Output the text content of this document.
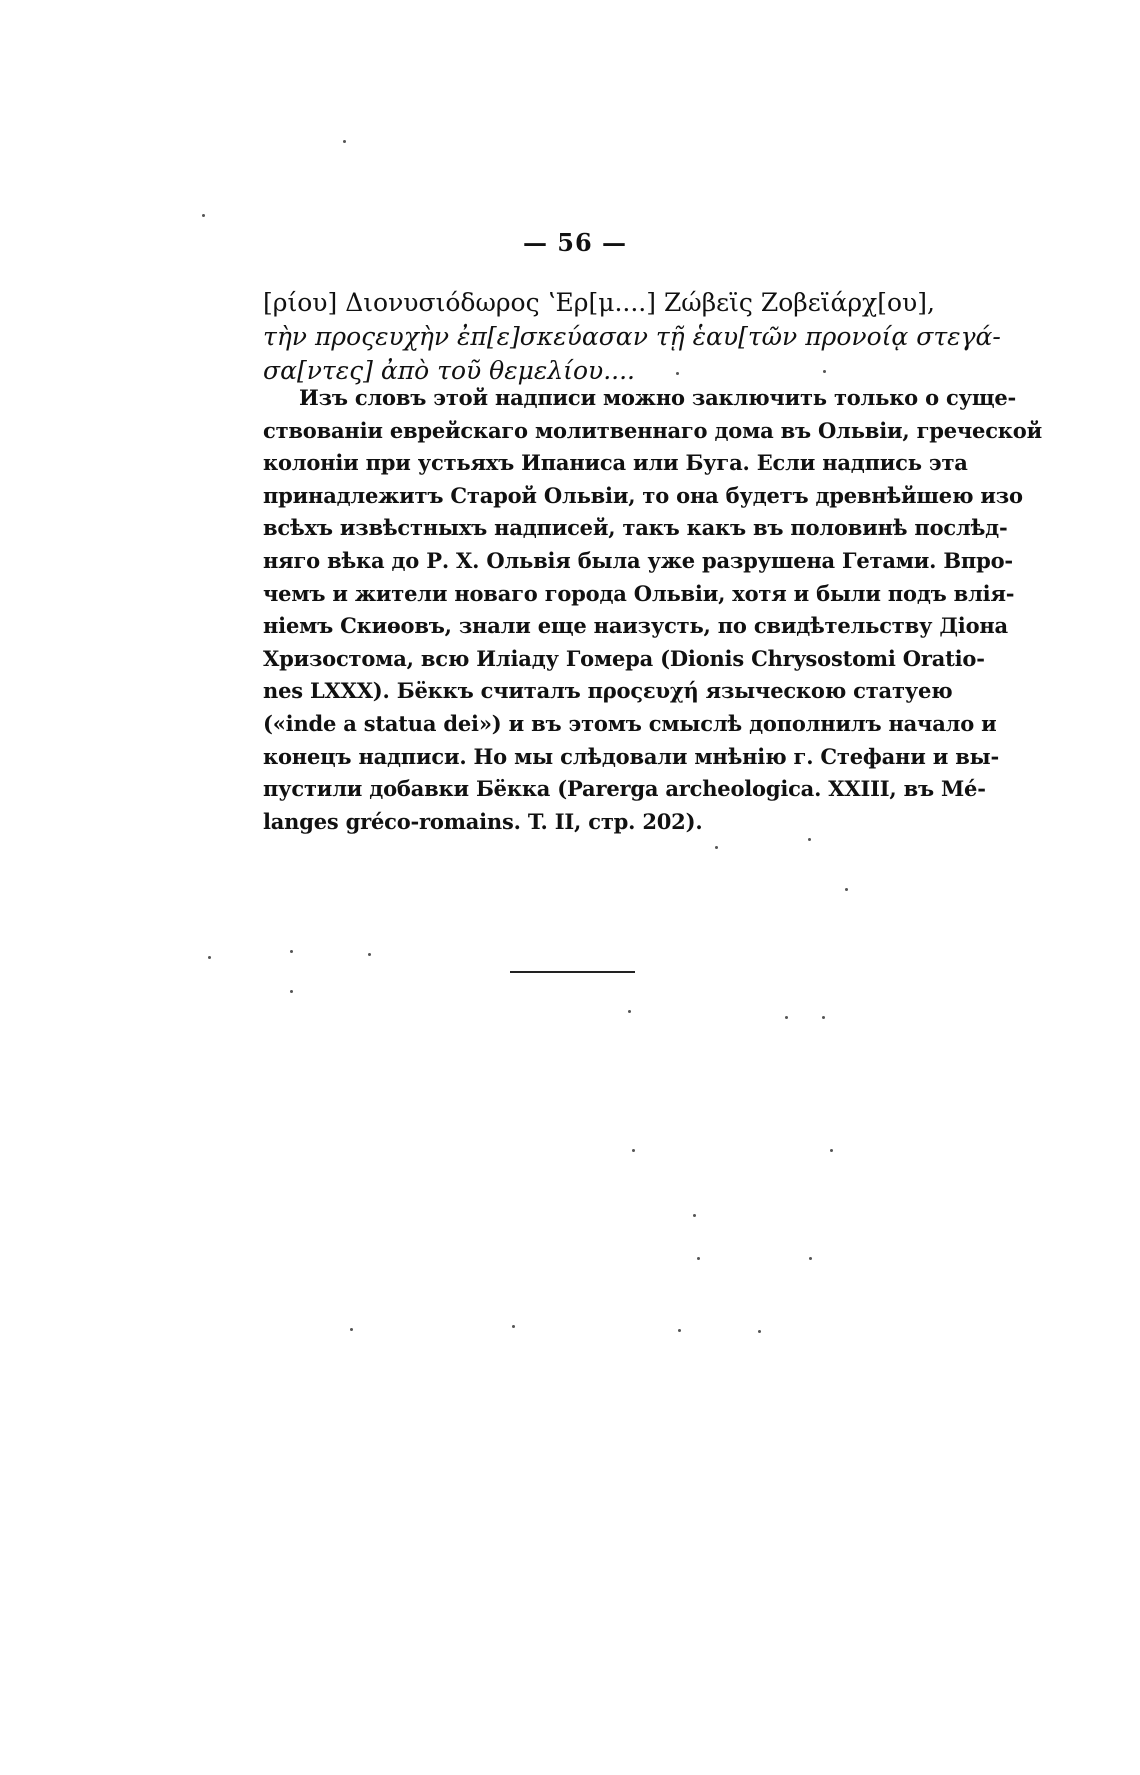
— 56 —
[ρίου] Διονυσιόδωρος ʽΕρ[μ....] Ζώβεϊς Ζοβεϊάρχ[ου],
τὴν προςευχὴν ἐπ[ε]σκεύασαν τῇ ἑαυ[τῶν προνοίᾳ στεγά-
σα[ντες] ἀπὸ τοῦ θεμελίου....
Изъ словъ этой надписи можно заключить только о суще-
ствованіи еврейскаго молитвеннаго дома въ Ольвіи, греческой
колоніи при устьяхъ Ипаниса или Буга. Если надпись эта
принадлежитъ Старой Ольвіи, то она будетъ древнѣйшею изо
всѣхъ извѣстныхъ надписей, такъ какъ въ половинѣ послѣд-
няго вѣка до Р. Х. Ольвія была уже разрушена Гетами. Впро-
чемъ и жители новаго города Ольвіи, хотя и были подъ влія-
ніемъ Скиѳовъ, знали еще наизусть, по свидѣтельству Діона
Хризостома, всю Иліаду Гомера (Dionis Chrysostomi Oratio-
nes LXXX). Бёккъ считалъ προςευχή языческою статуею
(«inde a statua dei») и въ этомъ смыслѣ дополнилъ начало и
конецъ надписи. Но мы слѣдовали мнѣнію г. Стефани и вы-
пустили добавки Бёкка (Parerga archeologica. XXIII, въ Mé-
langes gréco-romains. T. II, стр. 202).
